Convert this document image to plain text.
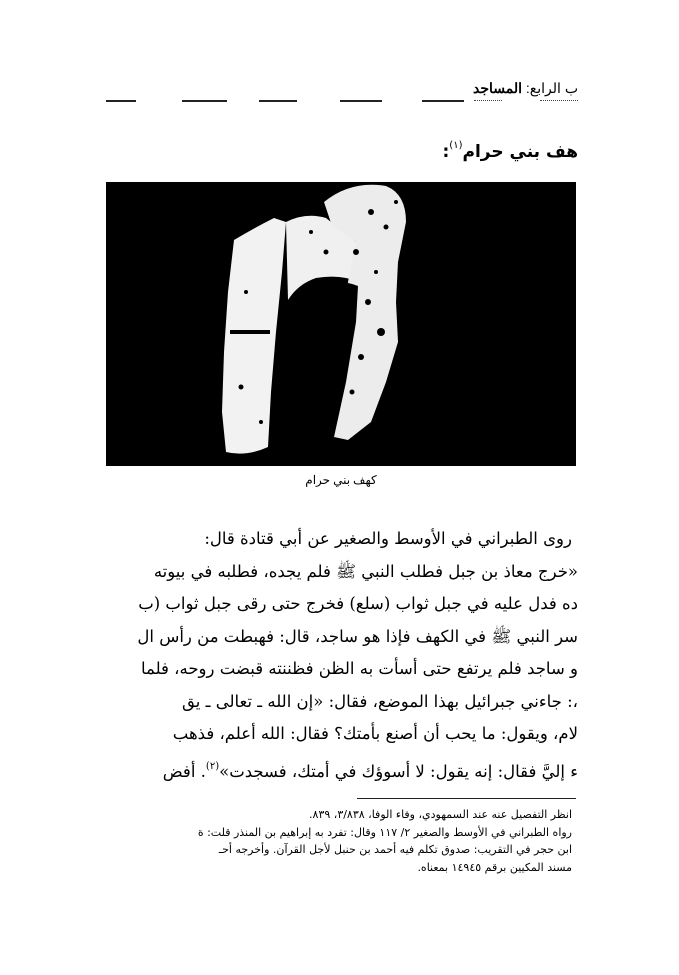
ب الرابع: المساجد
هف بني حرام$^{(١)}$:
كهف بني حرام
روى الطبراني في الأوسط والصغير عن أبي قتادة قال:
«خرج معاذ بن جبل فطلب النبي ﷺ فلم يجده، فطلبه في بيوته
ده فدل عليه في جبل ثواب (سلع) فخرج حتى رقى جبل ثواب (ب
سر النبي ﷺ في الكهف فإذا هو ساجد، قال: فهبطت من رأس ال
و ساجد فلم يرتفع حتى أسأت به الظن فظننته قبضت روحه، فلما
،: جاءني جبرائيل بهذا الموضع، فقال: «إن الله ـ تعالى ـ يق
لام، ويقول: ما يحب أن أصنع بأمتك؟ فقال: الله أعلم، فذهب
ء إليَّ فقال: إنه يقول: لا أسوؤك في أمتك، فسجدت»$^{(٢)}$. أفض
انظر التفصيل عنه عند السمهودي، وفاء الوفا، ٣/٨٣٨، ٨٣٩.
رواه الطبراني في الأوسط والصغير ٢/ ١١٧ وقال: تفرد به إبراهيم بن المنذر قلت: ة
ابن حجر في التقريب: صدوق تكلم فيه أحمد بن حنبل لأجل القرآن. وأخرجه أحـ
مسند المكيين برقم ١٤٩٤٥ بمعناه.
